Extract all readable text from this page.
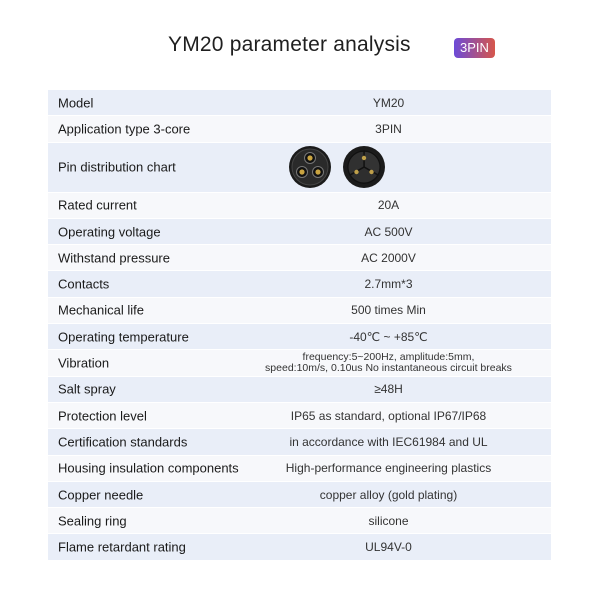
YM20 parameter analysis	3PIN
Model	YM20
Application type 3-core	3PIN
Pin distribution chart
Rated current	20A
Operating voltage	AC 500V
Withstand pressure	AC 2000V
Contacts	2.7mm*3
Mechanical life	500 times Min
Operating temperature	-40℃ ~ +85℃
Vibration	frequency:5~200Hz, amplitude:5mm,
speed:10m/s, 0.10us No instantaneous circuit breaks
Salt spray	≥48H
Protection level	IP65 as standard, optional IP67/IP68
Certification standards	in accordance with IEC61984 and UL
Housing insulation components	High-performance engineering plastics
Copper needle	copper alloy (gold plating)
Sealing ring	silicone
Flame retardant rating	UL94V-0
